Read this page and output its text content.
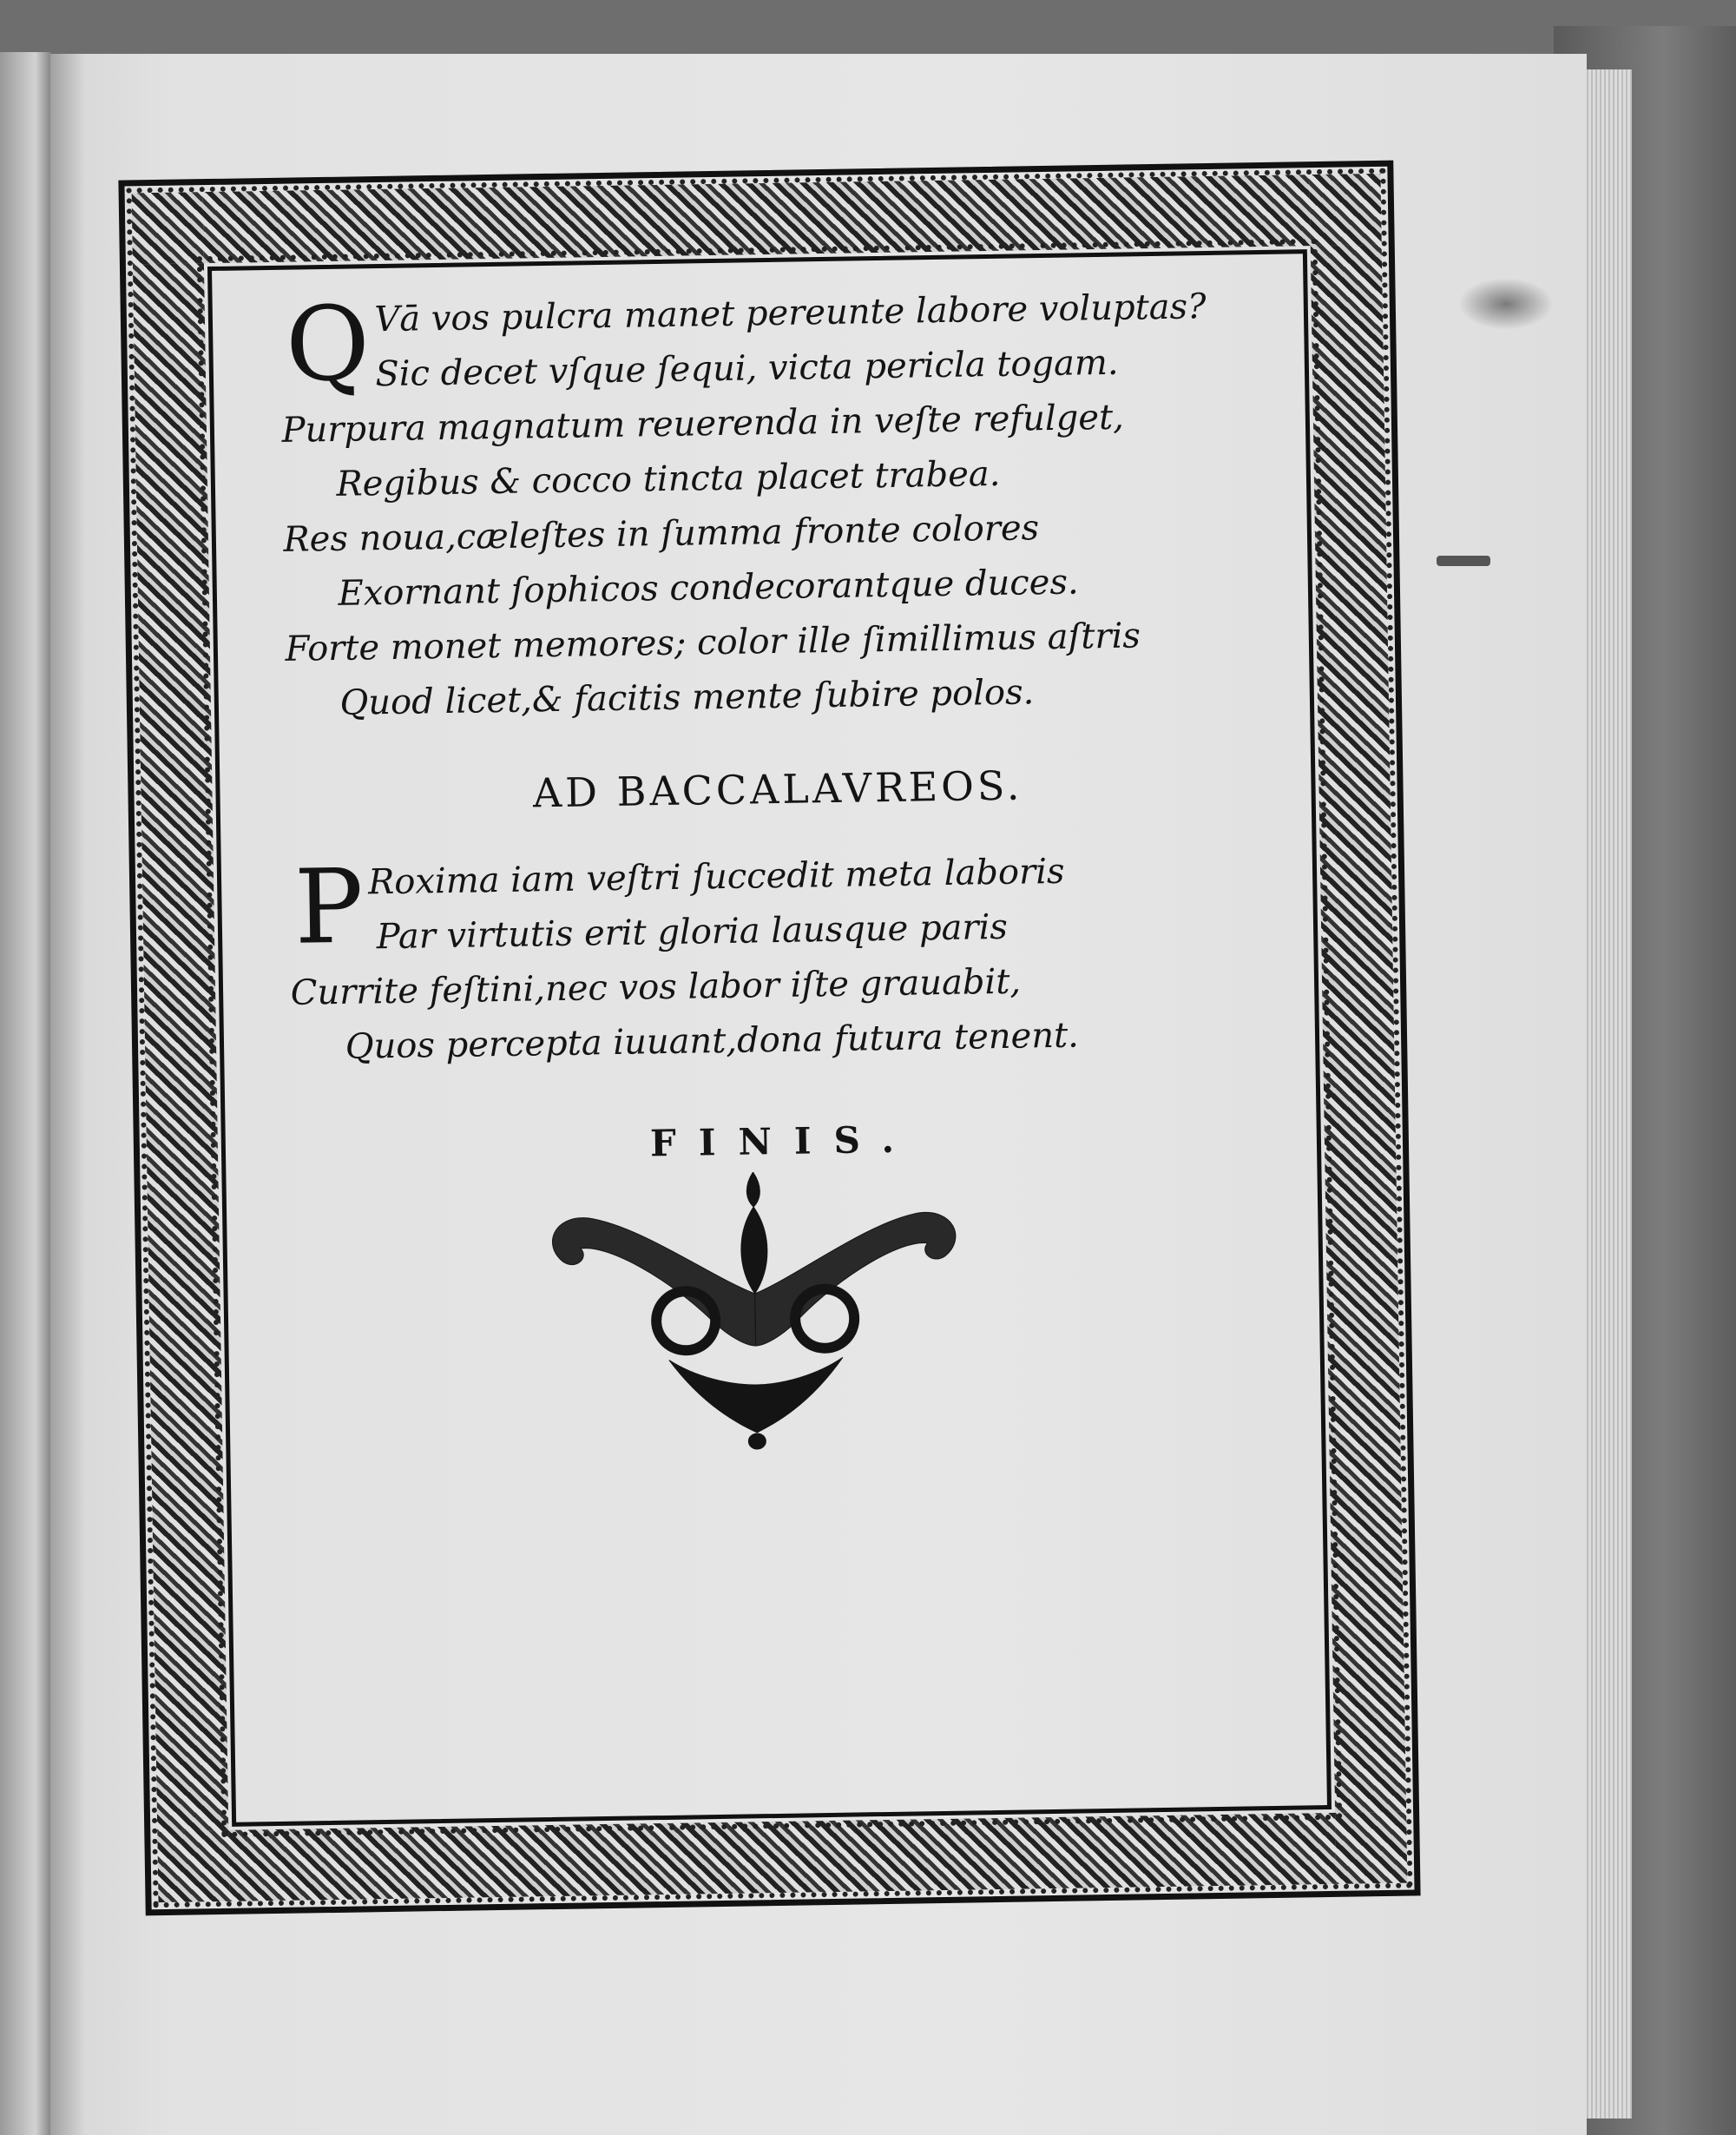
Q Vā vos pulcra manet pereunte labore voluptas?
Sic decet vſque ſequi, victa pericla togam.
Purpura magnatum reuerenda in veſte refulget,
Regibus & cocco tincta placet trabea.
Res noua,cæleſtes in ſumma fronte colores
Exornant ſophicos condecorantque duces.
Forte monet memores; color ille ſimillimus aſtris
Quod licet,& facitis mente ſubire polos.
AD BACCALAVREOS.
P Roxima iam veſtri ſuccedit meta laboris
Par virtutis erit gloria lausque paris
Currite feſtini,nec vos labor iſte grauabit,
Quos percepta iuuant,dona futura tenent.
FINIS.
